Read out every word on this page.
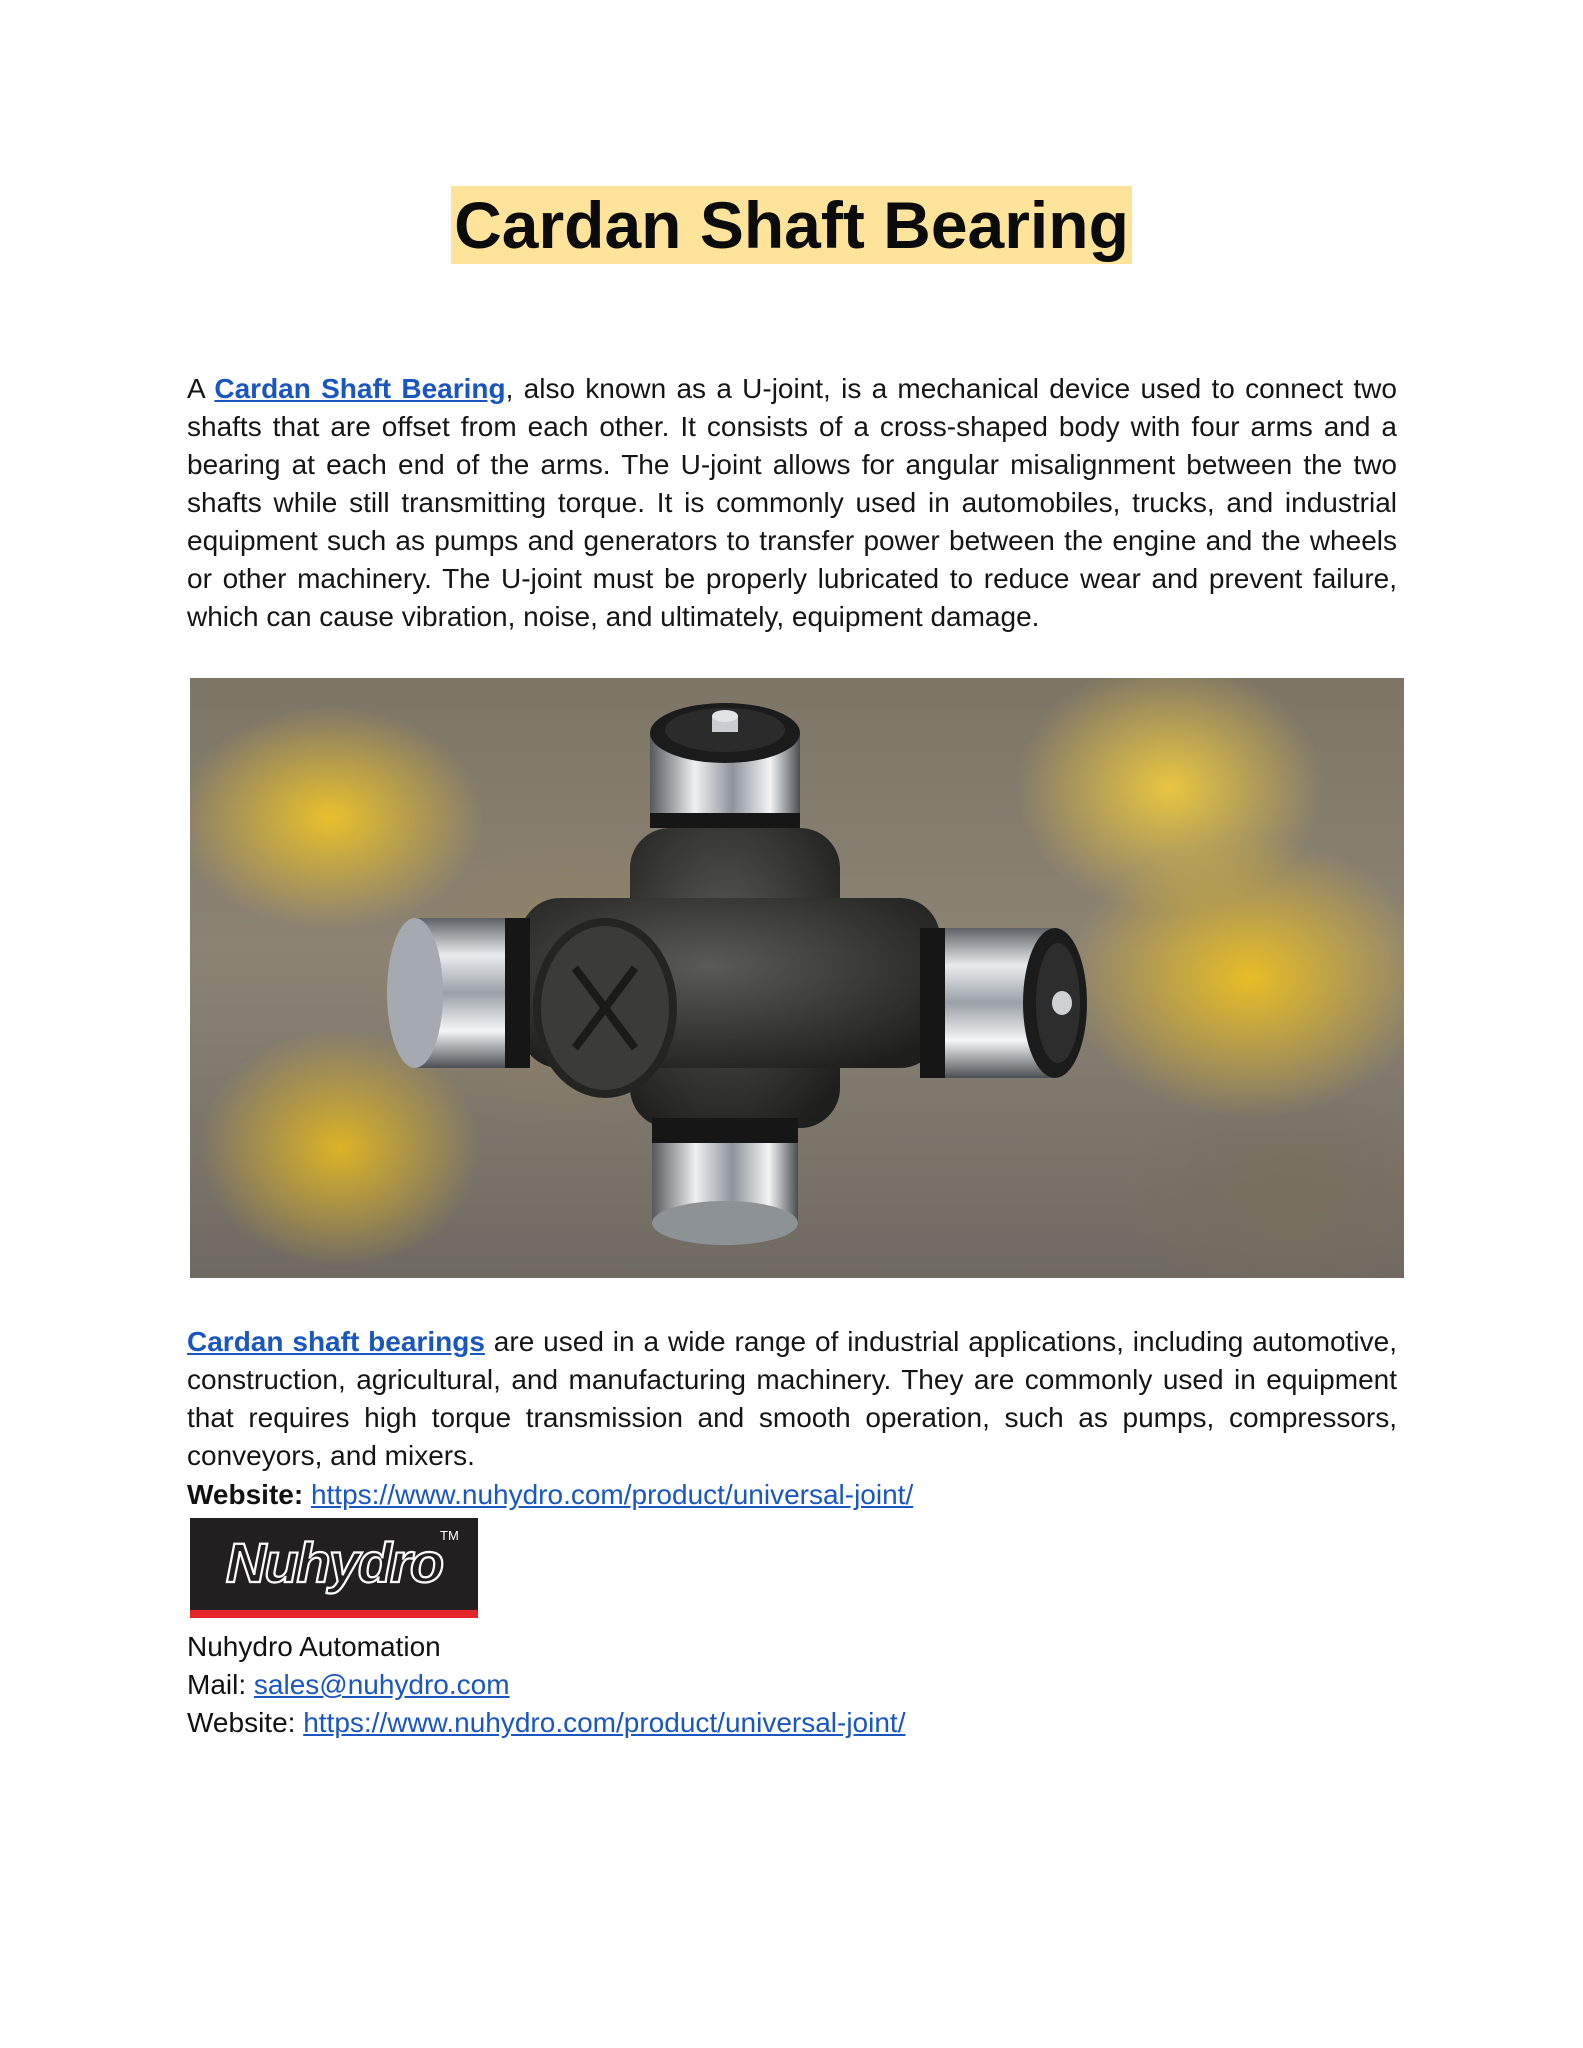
Cardan Shaft Bearing
A Cardan Shaft Bearing, also known as a U-joint, is a mechanical device used to connect two shafts that are offset from each other. It consists of a cross-shaped body with four arms and a bearing at each end of the arms. The U-joint allows for angular misalignment between the two shafts while still transmitting torque. It is commonly used in automobiles, trucks, and industrial equipment such as pumps and generators to transfer power between the engine and the wheels or other machinery. The U-joint must be properly lubricated to reduce wear and prevent failure, which can cause vibration, noise, and ultimately, equipment damage.
Cardan shaft bearings are used in a wide range of industrial applications, including automotive, construction, agricultural, and manufacturing machinery. They are commonly used in equipment that requires high torque transmission and smooth operation, such as pumps, compressors, conveyors, and mixers.
Website: https://www.nuhydro.com/product/universal-joint/
Nuhydro
TM
Nuhydro Automation
Mail: sales@nuhydro.com
Website: https://www.nuhydro.com/product/universal-joint/
